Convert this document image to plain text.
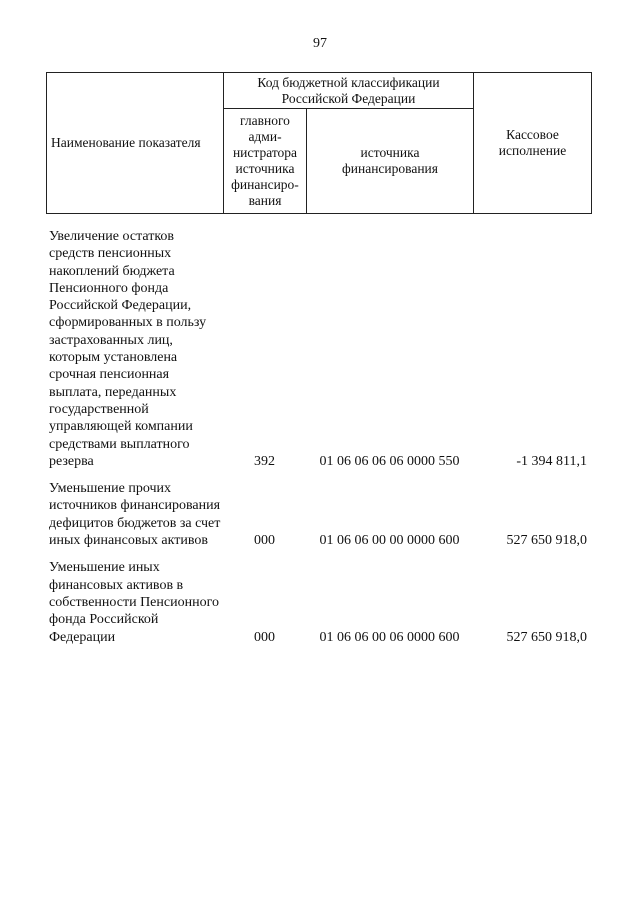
97
Наименование показателя	Код бюджетной классификации Российской Федерации		Кассовое исполнение
	главного адми-нистратора источника финансиро-вания	источника финансирования	
Увеличение остатков средств пенсионных накоплений бюджета Пенсионного фонда Российской Федерации, сформированных в пользу застрахованных лиц, которым установлена срочная пенсионная выплата, переданных государственной управляющей компании средствами выплатного резерва	392	01 06 06 06 06 0000 550	-1 394 811,1
Уменьшение прочих источников финансирования дефицитов бюджетов за счет иных финансовых активов	000	01 06 06 00 00 0000 600	527 650 918,0
Уменьшение иных финансовых активов в собственности Пенсионного фонда Российской Федерации	000	01 06 06 00 06 0000 600	527 650 918,0
